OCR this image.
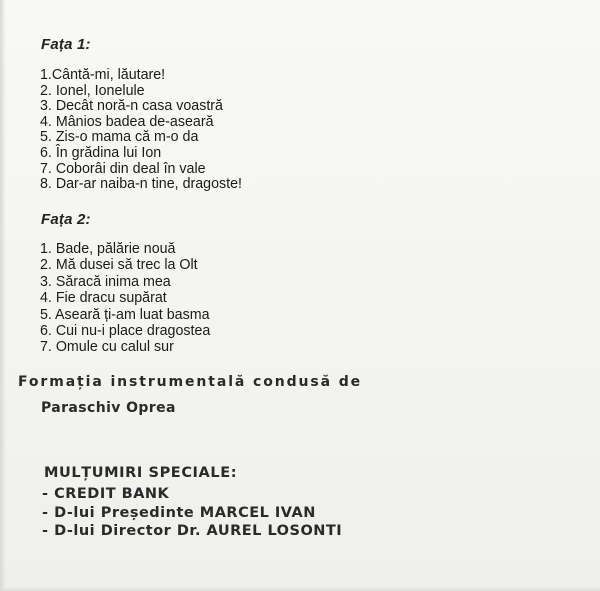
Fața 1:
1.Cântă-mi, lăutare!
2. Ionel, Ionelule
3. Decât noră-n casa voastră
4. Mânios badea de-aseară
5. Zis-o mama că m-o da
6. În grădina lui Ion
7. Coborâi din deal în vale
8. Dar-ar naiba-n tine, dragoste!
Fața 2:
1. Bade, pălărie nouă
2. Mă dusei să trec la Olt
3. Săracă inima mea
4. Fie dracu supărat
5. Aseară ți-am luat basma
6. Cui nu-i place dragostea
7. Omule cu calul sur
Formația instrumentală condusă de
Paraschiv Oprea
MULȚUMIRI SPECIALE:
- CREDIT BANK
- D-lui Președinte MARCEL IVAN
- D-lui Director Dr. AUREL LOSONTI
